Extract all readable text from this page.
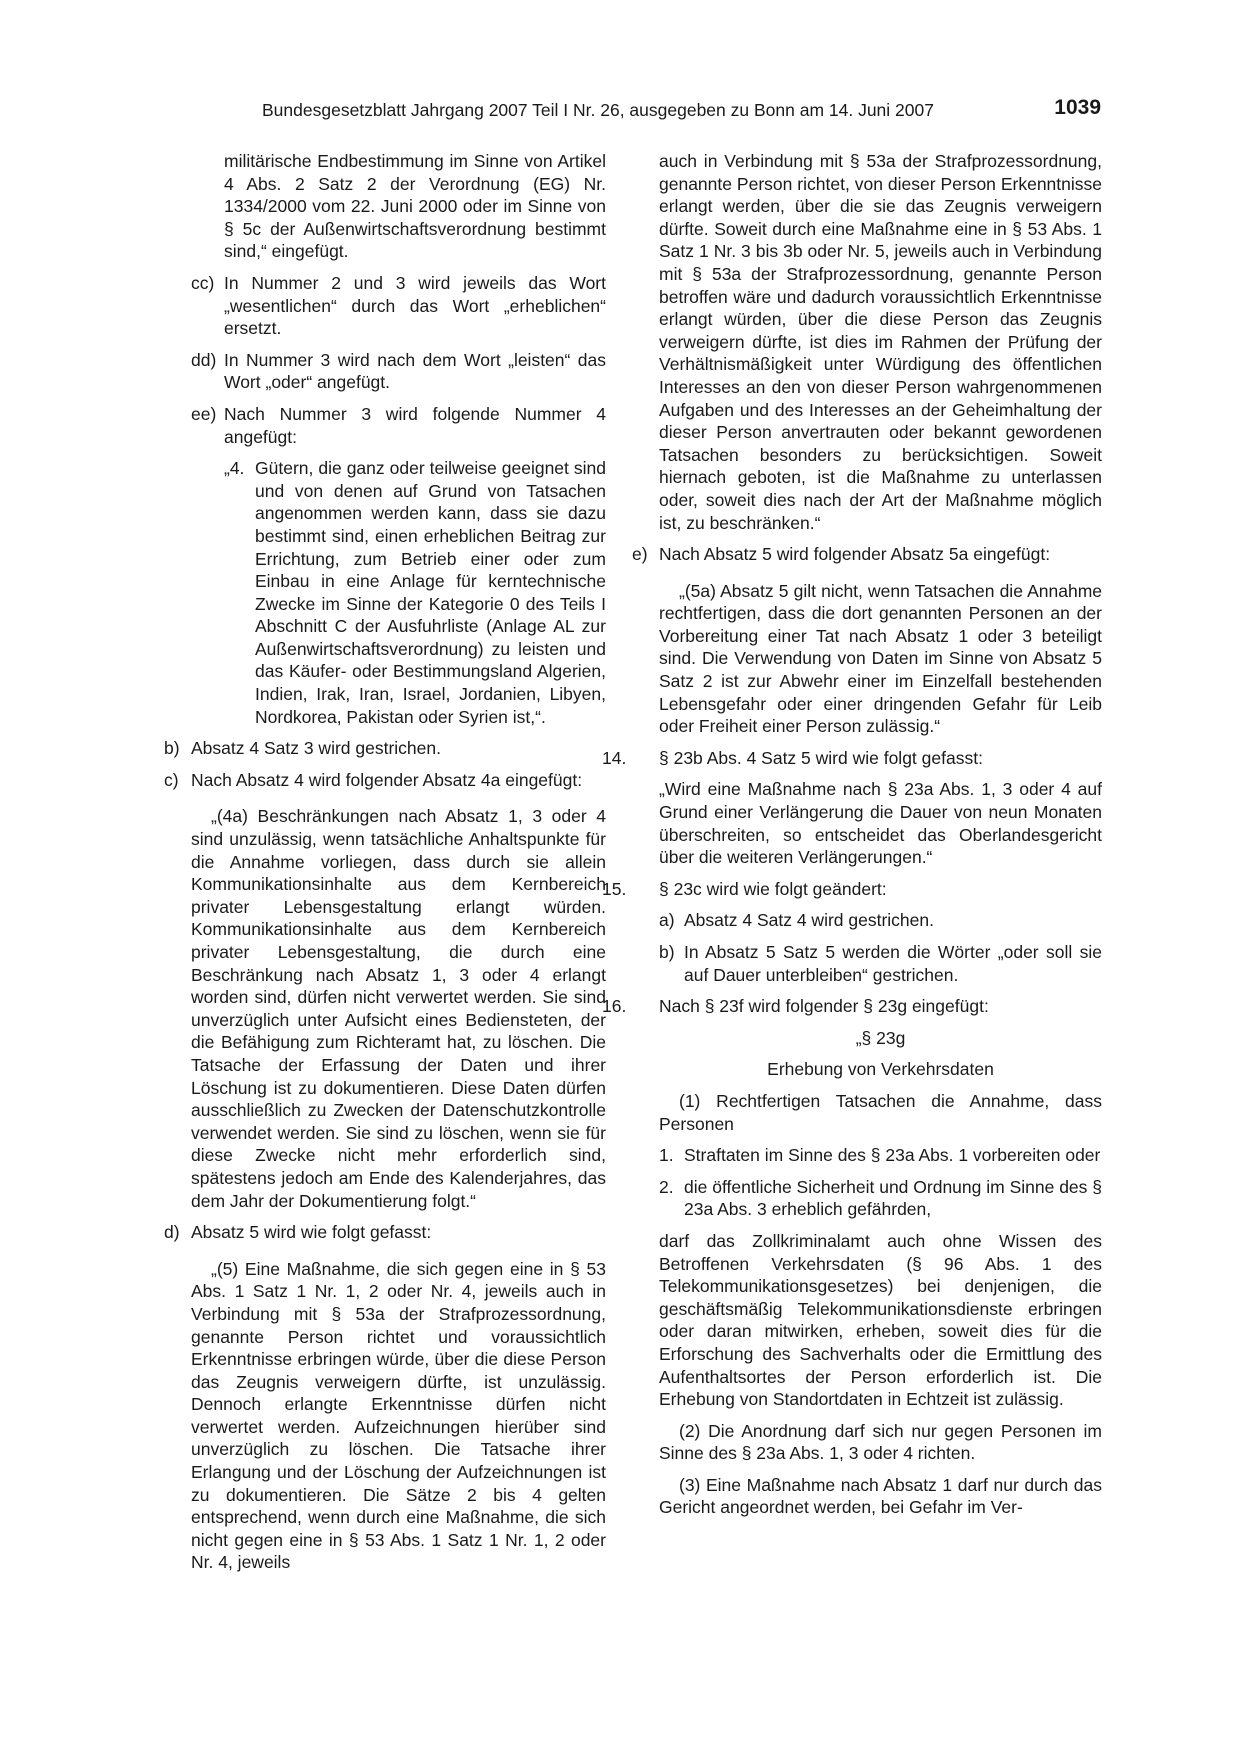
Bundesgesetzblatt Jahrgang 2007 Teil I Nr. 26, ausgegeben zu Bonn am 14. Juni 2007	1039

militärische Endbestimmung im Sinne von Artikel 4 Abs. 2 Satz 2 der Verordnung (EG) Nr. 1334/2000 vom 22. Juni 2000 oder im Sinne von § 5c der Außenwirtschaftsverordnung bestimmt sind,“ eingefügt.

cc) In Nummer 2 und 3 wird jeweils das Wort „wesentlichen“ durch das Wort „erheblichen“ ersetzt.

dd) In Nummer 3 wird nach dem Wort „leisten“ das Wort „oder“ angefügt.

ee) Nach Nummer 3 wird folgende Nummer 4 angefügt:

„4. Gütern, die ganz oder teilweise geeignet sind und von denen auf Grund von Tatsachen angenommen werden kann, dass sie dazu bestimmt sind, einen erheblichen Beitrag zur Errichtung, zum Betrieb einer oder zum Einbau in eine Anlage für kerntechnische Zwecke im Sinne der Kategorie 0 des Teils I Abschnitt C der Ausfuhrliste (Anlage AL zur Außenwirtschaftsverordnung) zu leisten und das Käufer- oder Bestimmungsland Algerien, Indien, Irak, Iran, Israel, Jordanien, Libyen, Nordkorea, Pakistan oder Syrien ist,“.

b) Absatz 4 Satz 3 wird gestrichen.

c) Nach Absatz 4 wird folgender Absatz 4a eingefügt:

„(4a) Beschränkungen nach Absatz 1, 3 oder 4 sind unzulässig, wenn tatsächliche Anhaltspunkte für die Annahme vorliegen, dass durch sie allein Kommunikationsinhalte aus dem Kernbereich privater Lebensgestaltung erlangt würden. Kommunikationsinhalte aus dem Kernbereich privater Lebensgestaltung, die durch eine Beschränkung nach Absatz 1, 3 oder 4 erlangt worden sind, dürfen nicht verwertet werden. Sie sind unverzüglich unter Aufsicht eines Bediensteten, der die Befähigung zum Richteramt hat, zu löschen. Die Tatsache der Erfassung der Daten und ihrer Löschung ist zu dokumentieren. Diese Daten dürfen ausschließlich zu Zwecken der Datenschutzkontrolle verwendet werden. Sie sind zu löschen, wenn sie für diese Zwecke nicht mehr erforderlich sind, spätestens jedoch am Ende des Kalenderjahres, das dem Jahr der Dokumentierung folgt.“

d) Absatz 5 wird wie folgt gefasst:

„(5) Eine Maßnahme, die sich gegen eine in § 53 Abs. 1 Satz 1 Nr. 1, 2 oder Nr. 4, jeweils auch in Verbindung mit § 53a der Strafprozessordnung, genannte Person richtet und voraussichtlich Erkenntnisse erbringen würde, über die diese Person das Zeugnis verweigern dürfte, ist unzulässig. Dennoch erlangte Erkenntnisse dürfen nicht verwertet werden. Aufzeichnungen hierüber sind unverzüglich zu löschen. Die Tatsache ihrer Erlangung und der Löschung der Aufzeichnungen ist zu dokumentieren. Die Sätze 2 bis 4 gelten entsprechend, wenn durch eine Maßnahme, die sich nicht gegen eine in § 53 Abs. 1 Satz 1 Nr. 1, 2 oder Nr. 4, jeweils

auch in Verbindung mit § 53a der Strafprozessordnung, genannte Person richtet, von dieser Person Erkenntnisse erlangt werden, über die sie das Zeugnis verweigern dürfte. Soweit durch eine Maßnahme eine in § 53 Abs. 1 Satz 1 Nr. 3 bis 3b oder Nr. 5, jeweils auch in Verbindung mit § 53a der Strafprozessordnung, genannte Person betroffen wäre und dadurch voraussichtlich Erkenntnisse erlangt würden, über die diese Person das Zeugnis verweigern dürfte, ist dies im Rahmen der Prüfung der Verhältnismäßigkeit unter Würdigung des öffentlichen Interesses an den von dieser Person wahrgenommenen Aufgaben und des Interesses an der Geheimhaltung der dieser Person anvertrauten oder bekannt gewordenen Tatsachen besonders zu berücksichtigen. Soweit hiernach geboten, ist die Maßnahme zu unterlassen oder, soweit dies nach der Art der Maßnahme möglich ist, zu beschränken.“

e) Nach Absatz 5 wird folgender Absatz 5a eingefügt:

„(5a) Absatz 5 gilt nicht, wenn Tatsachen die Annahme rechtfertigen, dass die dort genannten Personen an der Vorbereitung einer Tat nach Absatz 1 oder 3 beteiligt sind. Die Verwendung von Daten im Sinne von Absatz 5 Satz 2 ist zur Abwehr einer im Einzelfall bestehenden Lebensgefahr oder einer dringenden Gefahr für Leib oder Freiheit einer Person zulässig.“

14. § 23b Abs. 4 Satz 5 wird wie folgt gefasst:

„Wird eine Maßnahme nach § 23a Abs. 1, 3 oder 4 auf Grund einer Verlängerung die Dauer von neun Monaten überschreiten, so entscheidet das Oberlandesgericht über die weiteren Verlängerungen.“

15. § 23c wird wie folgt geändert:

a) Absatz 4 Satz 4 wird gestrichen.

b) In Absatz 5 Satz 5 werden die Wörter „oder soll sie auf Dauer unterbleiben“ gestrichen.

16. Nach § 23f wird folgender § 23g eingefügt:

„§ 23g

Erhebung von Verkehrsdaten

(1) Rechtfertigen Tatsachen die Annahme, dass Personen

1. Straftaten im Sinne des § 23a Abs. 1 vorbereiten oder

2. die öffentliche Sicherheit und Ordnung im Sinne des § 23a Abs. 3 erheblich gefährden,

darf das Zollkriminalamt auch ohne Wissen des Betroffenen Verkehrsdaten (§ 96 Abs. 1 des Telekommunikationsgesetzes) bei denjenigen, die geschäftsmäßig Telekommunikationsdienste erbringen oder daran mitwirken, erheben, soweit dies für die Erforschung des Sachverhalts oder die Ermittlung des Aufenthaltsortes der Person erforderlich ist. Die Erhebung von Standortdaten in Echtzeit ist zulässig.

(2) Die Anordnung darf sich nur gegen Personen im Sinne des § 23a Abs. 1, 3 oder 4 richten.

(3) Eine Maßnahme nach Absatz 1 darf nur durch das Gericht angeordnet werden, bei Gefahr im Ver-
